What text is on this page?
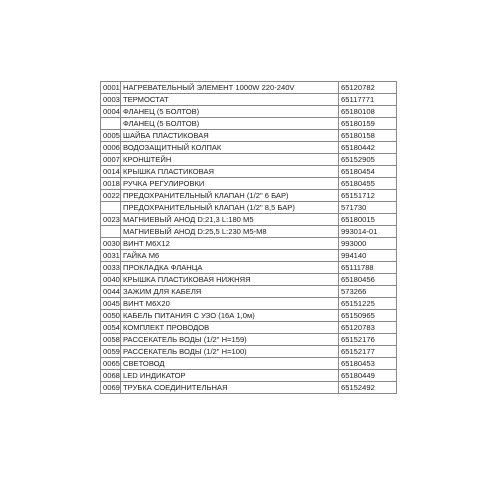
0001	НАГРЕВАТЕЛЬНЫЙ ЭЛЕМЕНТ 1000W 220-240V	65120782
0003	ТЕРМОСТАТ	65117771
0004	ФЛАНЕЦ (5 БОЛТОВ)	65180108
	ФЛАНЕЦ (5 БОЛТОВ)	65180159
0005	ШАЙБА ПЛАСТИКОВАЯ	65180158
0006	ВОДОЗАЩИТНЫЙ КОЛПАК	65180442
0007	КРОНШТЕЙН	65152905
0014	КРЫШКА ПЛАСТИКОВАЯ	65180454
0018	РУЧКА РЕГУЛИРОВКИ	65180455
0022	ПРЕДОХРАНИТЕЛЬНЫЙ КЛАПАН (1/2" 6 БАР)	65151712
	ПРЕДОХРАНИТЕЛЬНЫЙ КЛАПАН (1/2" 8,5 БАР)	571730
0023	МАГНИЕВЫЙ АНОД D:21,3 L:180 M5	65180015
	МАГНИЕВЫЙ АНОД D:25,5 L:230 M5-M8	993014-01
0030	ВИНТ M6X12	993000
0031	ГАЙКА M6	994140
0033	ПРОКЛАДКА ФЛАНЦА	65111788
0040	КРЫШКА ПЛАСТИКОВАЯ НИЖНЯЯ	65180456
0044	ЗАЖИМ ДЛЯ КАБЕЛЯ	573266
0045	ВИНТ M6X20	65151225
0050	КАБЕЛЬ ПИТАНИЯ С УЗО (16А 1,0м)	65150965
0054	КОМПЛЕКТ ПРОВОДОВ	65120783
0058	РАССЕКАТЕЛЬ ВОДЫ (1/2" H=159)	65152176
0059	РАССЕКАТЕЛЬ ВОДЫ (1/2" H=100)	65152177
0065	СВЕТОВОД	65180453
0068	LED ИНДИКАТОР	65180449
0069	ТРУБКА СОЕДИНИТЕЛЬНАЯ	65152492
